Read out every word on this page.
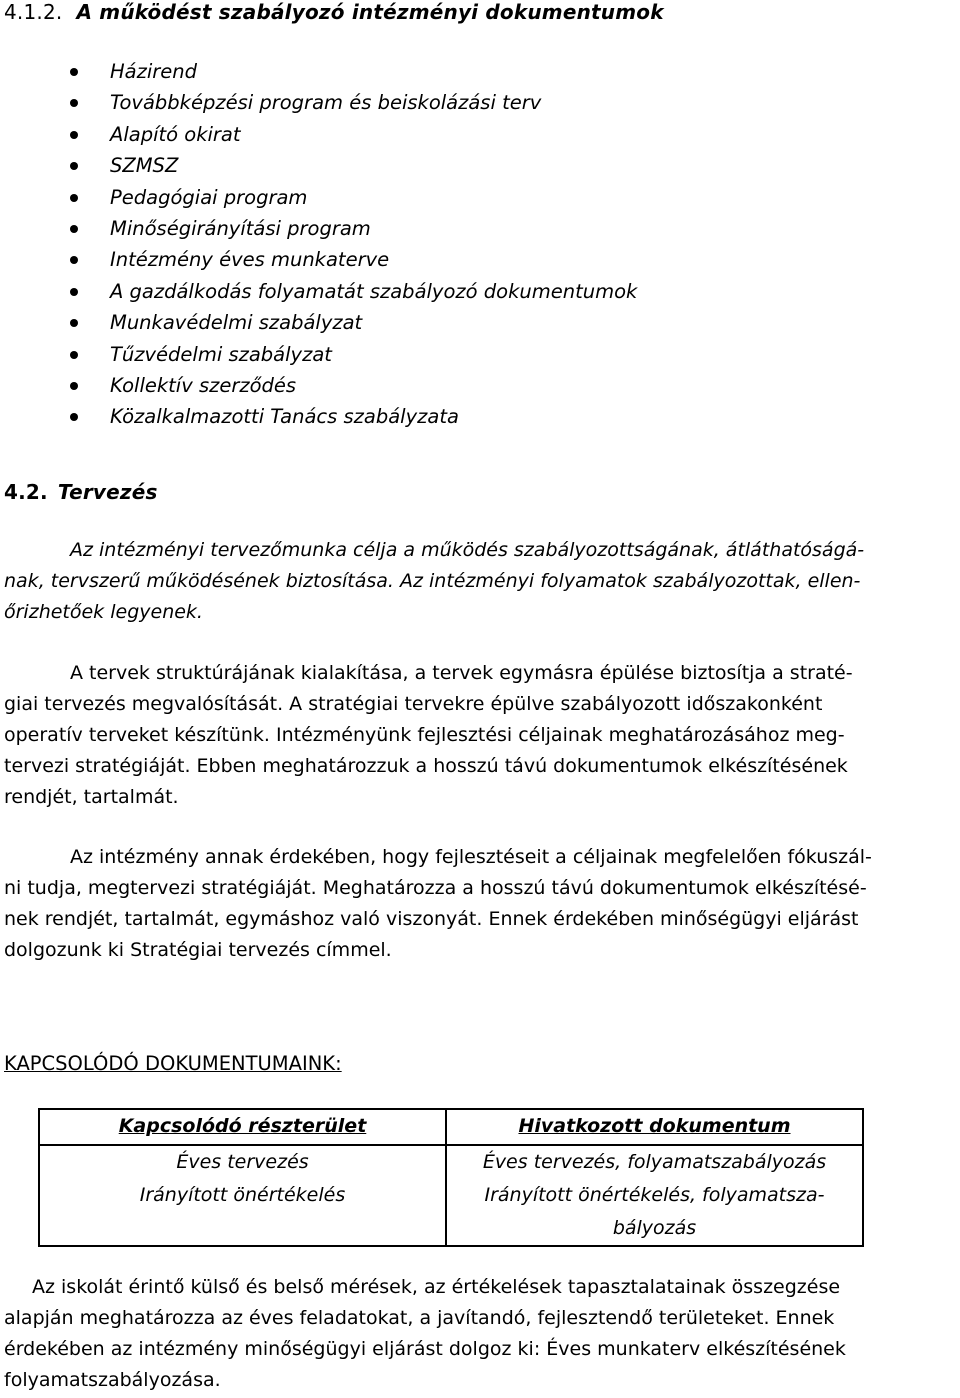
4.1.2. A működést szabályozó intézményi dokumentumok
Házirend
Továbbképzési program és beiskolázási terv
Alapító okirat
SZMSZ
Pedagógiai program
Minőségirányítási program
Intézmény éves munkaterve
A gazdálkodás folyamatát szabályozó dokumentumok
Munkavédelmi szabályzat
Tűzvédelmi szabályzat
Kollektív szerződés
Közalkalmazotti Tanács szabályzata
4.2. Tervezés
Az intézményi tervezőmunka célja a működés szabályozottságának, átláthatóságá-
nak, tervszerű működésének biztosítása. Az intézményi folyamatok szabályozottak, ellen-
őrizhetőek legyenek.
A tervek struktúrájának kialakítása, a tervek egymásra épülése biztosítja a straté-
giai tervezés megvalósítását. A stratégiai tervekre épülve szabályozott időszakonként
operatív terveket készítünk. Intézményünk fejlesztési céljainak meghatározásához meg-
tervezi stratégiáját. Ebben meghatározzuk a hosszú távú dokumentumok elkészítésének
rendjét, tartalmát.
Az intézmény annak érdekében, hogy fejlesztéseit a céljainak megfelelően fókuszál-
ni tudja, megtervezi stratégiáját. Meghatározza a hosszú távú dokumentumok elkészítésé-
nek rendjét, tartalmát, egymáshoz való viszonyát. Ennek érdekében minőségügyi eljárást
dolgozunk ki Stratégiai tervezés címmel.
KAPCSOLÓDÓ DOKUMENTUMAINK:
Kapcsolódó részterület	Hivatkozott dokumentum
Éves tervezés	Éves tervezés, folyamatszabályozás
Irányított önértékelés	Irányított önértékelés, folyamatsza-
bályozás
Az iskolát érintő külső és belső mérések, az értékelések tapasztalatainak összegzése
alapján meghatározza az éves feladatokat, a javítandó, fejlesztendő területeket. Ennek
érdekében az intézmény minőségügyi eljárást dolgoz ki: Éves munkaterv elkészítésének
folyamatszabályozása.
